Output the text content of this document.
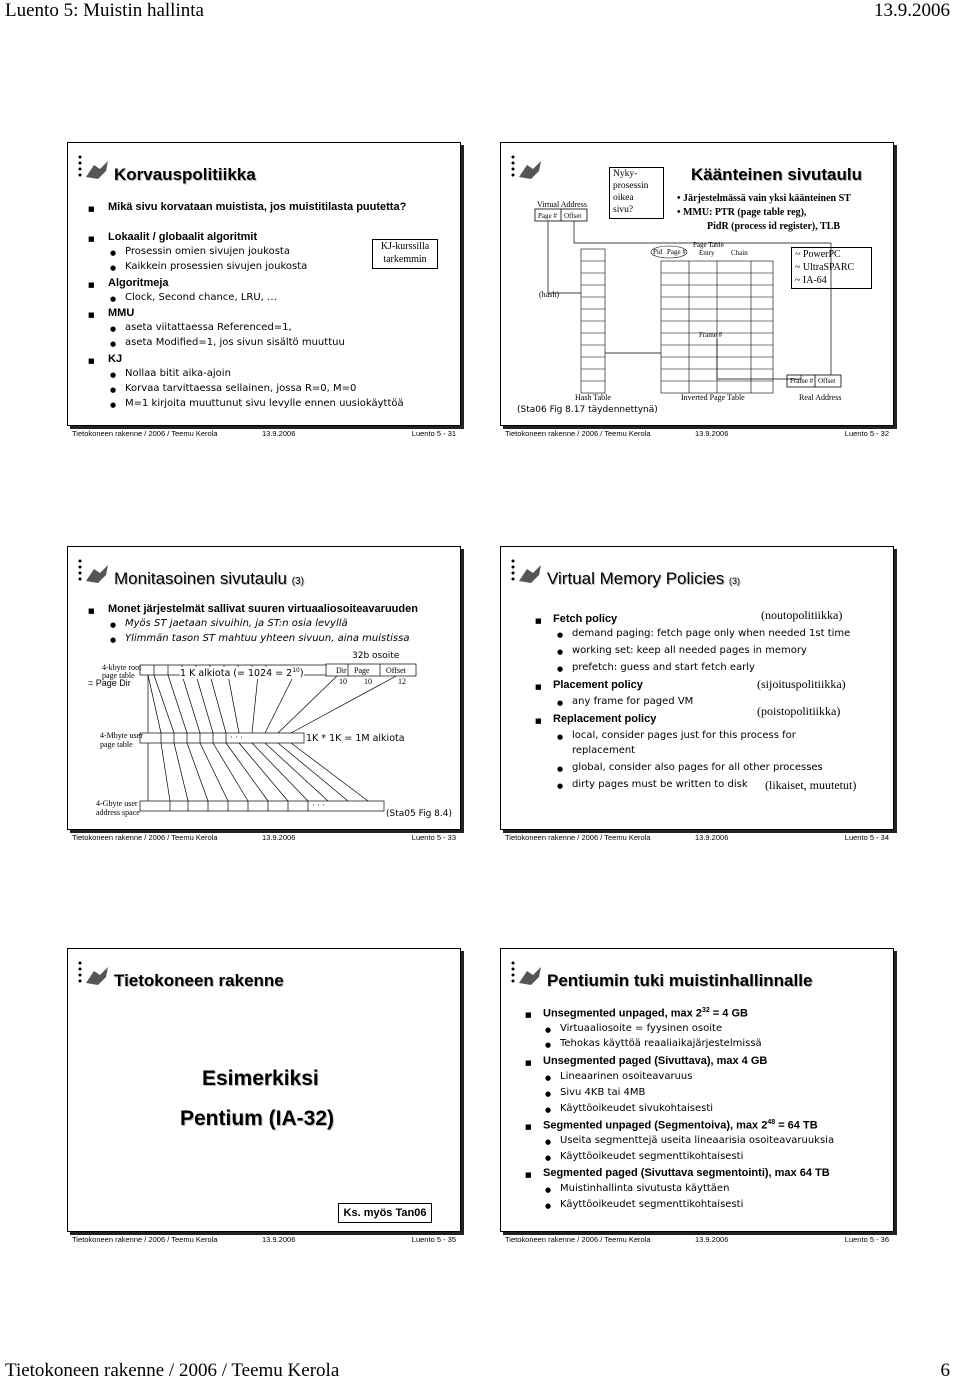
Luento 5: Muistin hallinta	13.9.2006
Korvauspolitiikka
■ Mikä sivu korvataan muistista, jos muistitilasta puutetta?
■ Lokaalit / globaalit algoritmit
● Prosessin omien sivujen joukosta
● Kaikkein prosessien sivujen joukosta
■ Algoritmeja
● Clock, Second chance, LRU, …
■ MMU
● aseta viitattaessa Referenced=1,
● aseta Modified=1, jos sivun sisältö muuttuu
■ KJ
● Nollaa bitit aika-ajoin
● Korvaa tarvittaessa sellainen, jossa R=0, M=0
● M=1 kirjoita muuttunut sivu levylle ennen uusiokäyttöä
KJ-kurssilla
tarkemmin
Tietokoneen rakenne / 2006 / Teemu Kerola	13.9.2006	Luento 5 - 31
Käänteinen sivutaulu
• Järjestelmässä vain yksi käänteinen ST
• MMU: PTR (page table reg),
PidR (process id register), TLB
Nyky-
prosessin
oikea
sivu?
~ PowerPC
~ UltraSPARC
~ IA-64
Virtual Address
Page # Offset
(hash)
Hash Table
Pid Page #
Page Table
Entry Chain
Frame #
Inverted Page Table
Frame # Offset
Real Address
(Sta06 Fig 8.17 täydennettynä)
Tietokoneen rakenne / 2006 / Teemu Kerola	13.9.2006	Luento 5 - 32
Monitasoinen sivutaulu (3)
■ Monet järjestelmät sallivat suuren virtuaaliosoiteavaruuden
● Myös ST jaetaan sivuihin, ja ST:n osia levyllä
● Ylimmän tason ST mahtuu yhteen sivuun, aina muistissa
· · ·
· · ·
4-kbyte root
page table
= Page Dir
1 K alkiota (= $1024 = 2^{10}$)
32b osoite
Dir Page Offset
10 10	12
4-Mbyte user
page table
1K * 1K = 1M alkiota
4-Gbyte user
address space	(Sta05 Fig 8.4)
Tietokoneen rakenne / 2006 / Teemu Kerola	13.9.2006	Luento 5 - 33
Virtual Memory Policies (3)
■ Fetch policy	(noutopolitiikka)
● demand paging: fetch page only when needed 1st time
● working set: keep all needed pages in memory
● prefetch: guess and start fetch early
■ Placement policy	(sijoituspolitiikka)
● any frame for paged VM
(poistopolitiikka)
■ Replacement policy
● local, consider pages just for this process for
replacement
● global, consider also pages for all other processes
● dirty pages must be written to disk (likaiset, muutetut)
Tietokoneen rakenne / 2006 / Teemu Kerola	13.9.2006	Luento 5 - 34
Tietokoneen rakenne
Esimerkiksi
Pentium (IA-32)
Ks. myös Tan06
Tietokoneen rakenne / 2006 / Teemu Kerola	13.9.2006	Luento 5 - 35
Pentiumin tuki muistinhallinnalle
■ Unsegmented unpaged, $\max 2^{32} = 4$ GB
● Virtuaaliosoite = fyysinen osoite
● Tehokas käyttöä reaaliaikajärjestelmissä
■ Unsegmented paged (Sivuttava), max 4 GB
● Lineaarinen osoiteavaruus
● Sivu 4KB tai 4MB
● Käyttöoikeudet sivukohtaisesti
■ Segmented unpaged (Segmentoiva), $\max 2^{48} = 64$ TB
● Useita segmenttejä useita lineaarisia osoiteavaruuksia
● Käyttöoikeudet segmenttikohtaisesti
■ Segmented paged (Sivuttava segmentointi), max 64 TB
● Muistinhallinta sivutusta käyttäen
● Käyttöoikeudet segmenttikohtaisesti
Tietokoneen rakenne / 2006 / Teemu Kerola	13.9.2006	Luento 5 - 36
Tietokoneen rakenne / 2006 / Teemu Kerola	6
